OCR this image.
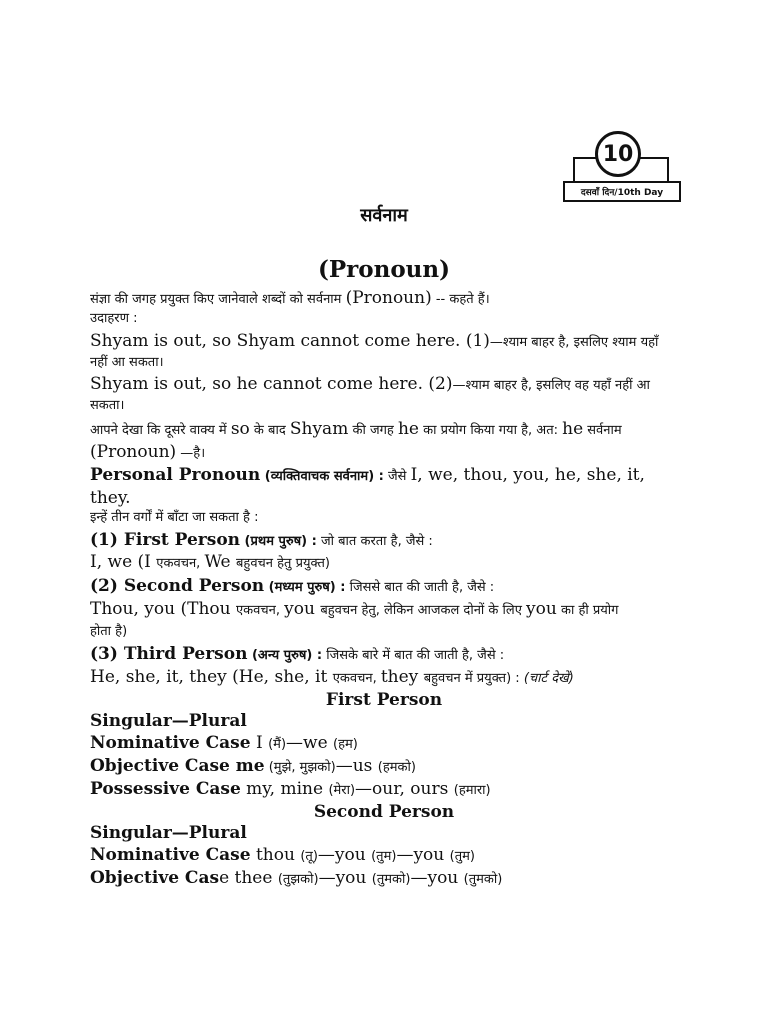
10
दसवाँ दिन/10th Day
सर्वनाम
(Pronoun)
संज्ञा की जगह प्रयुक्त किए जानेवाले शब्दों को सर्वनाम (Pronoun) -- कहते हैं।
उदाहरण :
Shyam is out, so Shyam cannot come here. (1)—श्याम बाहर है, इसलिए श्याम यहाँ
नहीं आ सकता।
Shyam is out, so he cannot come here. (2)—श्याम बाहर है, इसलिए वह यहाँ नहीं आ
सकता।
आपने देखा कि दूसरे वाक्य में so के बाद Shyam की जगह he का प्रयोग किया गया है, अत: he सर्वनाम
(Pronoun) —है।
Personal Pronoun (व्यक्तिवाचक सर्वनाम) : जैसे I, we, thou, you, he, she, it,
they.
इन्हें तीन वर्गों में बाँटा जा सकता है :
(1) First Person (प्रथम पुरुष) : जो बात करता है, जैसे :
I, we (I एकवचन, We बहुवचन हेतु प्रयुक्त)
(2) Second Person (मध्यम पुरुष) : जिससे बात की जाती है, जैसे :
Thou, you (Thou एकवचन, you बहुवचन हेतु, लेकिन आजकल दोनों के लिए you का ही प्रयोग
होता है)
(3) Third Person (अन्य पुरुष) : जिसके बारे में बात की जाती है, जैसे :
He, she, it, they (He, she, it एकवचन, they बहुवचन में प्रयुक्त) : (चार्ट देखें)
First Person
Singular—Plural
Nominative Case I (मैं)—we (हम)
Objective Case me (मुझे, मुझको)—us (हमको)
Possessive Case my, mine (मेरा)—our, ours (हमारा)
Second Person
Singular—Plural
Nominative Case thou (तू)—you (तुम)—you (तुम)
Objective Case thee (तुझको)—you (तुमको)—you (तुमको)
